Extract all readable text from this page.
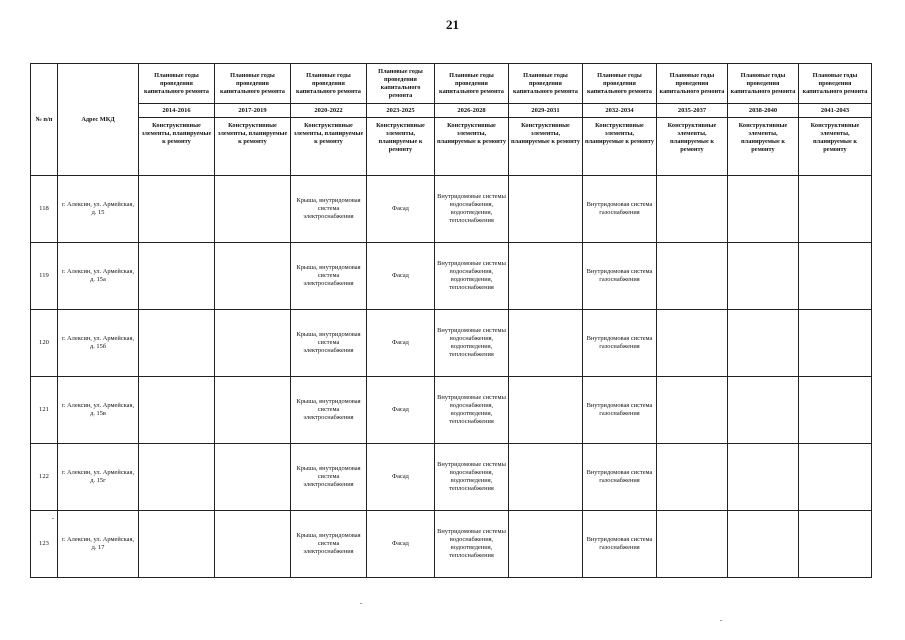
21
№ п/п	Адрес МКД	Плановые годы проведения капитального ремонта	Плановые годы проведения капитального ремонта	Плановые годы проведения капитального ремонта	Плановые годы проведения капитального ремонта	Плановые годы проведения капитального ремонта	Плановые годы проведения капитального ремонта	Плановые годы проведения капитального ремонта	Плановые годы проведения капитального ремонта	Плановые годы проведения капитального ремонта	Плановые годы проведения капитального ремонта
		2014-2016	2017-2019	2020-2022	2023-2025	2026-2028	2029-2031	2032-2034	2035-2037	2038-2040	2041-2043
		Конструктивные элементы, планируемые к ремонту	Конструктивные элементы, планируемые к ремонту	Конструктивные элементы, планируемые к ремонту	Конструктивные элементы, планируемые к ремонту	Конструктивные элементы, планируемые к ремонту	Конструктивные элементы, планируемые к ремонту	Конструктивные элементы, планируемые к ремонту	Конструктивные элементы, планируемые к ремонту	Конструктивные элементы, планируемые к ремонту	Конструктивные элементы, планируемые к ремонту
118	г. Алексин, ул. Армейская, д. 15			Крыша, внутридомовая система электроснабжения	Фасад	Внутридомовые системы водоснабжения, водоотведения, теплоснабжения		Внутридомовая система газоснабжения			
119	г. Алексин, ул. Армейская, д. 15а			Крыша, внутридомовая система электроснабжения	Фасад	Внутридомовые системы водоснабжения, водоотведения, теплоснабжения		Внутридомовая система газоснабжения			
120	г. Алексин, ул. Армейская, д. 15б			Крыша, внутридомовая система электроснабжения	Фасад	Внутридомовые системы водоснабжения, водоотведения, теплоснабжения		Внутридомовая система газоснабжения			
121	г. Алексин, ул. Армейская, д. 15в			Крыша, внутридомовая система электроснабжения	Фасад	Внутридомовые системы водоснабжения, водоотведения, теплоснабжения		Внутридомовая система газоснабжения			
122	г. Алексин, ул. Армейская, д. 15г			Крыша, внутридомовая система электроснабжения	Фасад	Внутридомовые системы водоснабжения, водоотведения, теплоснабжения		Внутридомовая система газоснабжения			
123	г. Алексин, ул. Армейская, д. 17			Крыша, внутридомовая система электроснабжения	Фасад	Внутридомовые системы водоснабжения, водоотведения, теплоснабжения		Внутридомовая система газоснабжения			
